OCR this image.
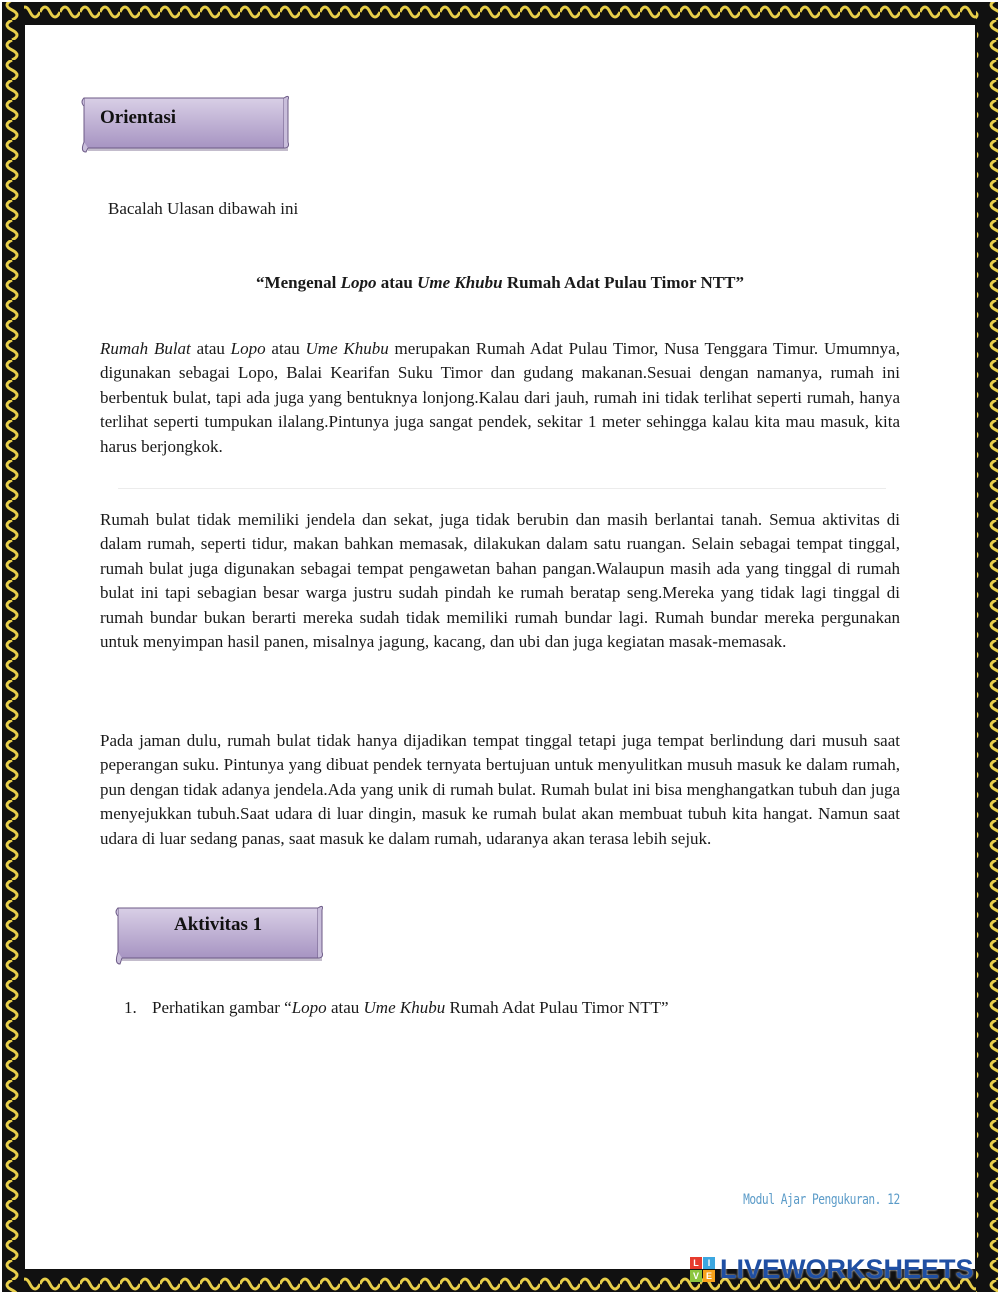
Orientasi
Bacalah Ulasan dibawah ini
“Mengenal Lopo atau Ume Khubu Rumah Adat Pulau Timor NTT”
Rumah Bulat atau Lopo atau Ume Khubu merupakan Rumah Adat Pulau Timor, Nusa Tenggara Timur. Umumnya, digunakan sebagai Lopo, Balai Kearifan Suku Timor dan gudang makanan.Sesuai dengan namanya, rumah ini berbentuk bulat, tapi ada juga yang bentuknya lonjong.Kalau dari jauh, rumah ini tidak terlihat seperti rumah, hanya terlihat seperti tumpukan ilalang.Pintunya juga sangat pendek, sekitar 1 meter sehingga kalau kita mau masuk, kita harus berjongkok.
Rumah bulat tidak memiliki jendela dan sekat, juga tidak berubin dan masih berlantai tanah. Semua aktivitas di dalam rumah, seperti tidur, makan bahkan memasak, dilakukan dalam satu ruangan. Selain sebagai tempat tinggal, rumah bulat juga digunakan sebagai tempat pengawetan bahan pangan.Walaupun masih ada yang tinggal di rumah bulat ini tapi sebagian besar warga justru sudah pindah ke rumah beratap seng.Mereka yang tidak lagi tinggal di rumah bundar bukan berarti mereka sudah tidak memiliki rumah bundar lagi. Rumah bundar mereka pergunakan untuk menyimpan hasil panen, misalnya jagung, kacang, dan ubi dan juga kegiatan masak-memasak.
Pada jaman dulu, rumah bulat tidak hanya dijadikan tempat tinggal tetapi juga tempat berlindung dari musuh saat peperangan suku. Pintunya yang dibuat pendek ternyata bertujuan untuk menyulitkan musuh masuk ke dalam rumah, pun dengan tidak adanya jendela.Ada yang unik di rumah bulat. Rumah bulat ini bisa menghangatkan tubuh dan juga menyejukkan tubuh.Saat udara di luar dingin, masuk ke rumah bulat akan membuat tubuh kita hangat. Namun saat udara di luar sedang panas, saat masuk ke dalam rumah, udaranya akan terasa lebih sejuk.
Aktivitas 1
1. Perhatikan gambar “Lopo atau Ume Khubu Rumah Adat Pulau Timor NTT”
Modul Ajar Pengukuran. 12
L I
V E LIVEWORKSHEETS
